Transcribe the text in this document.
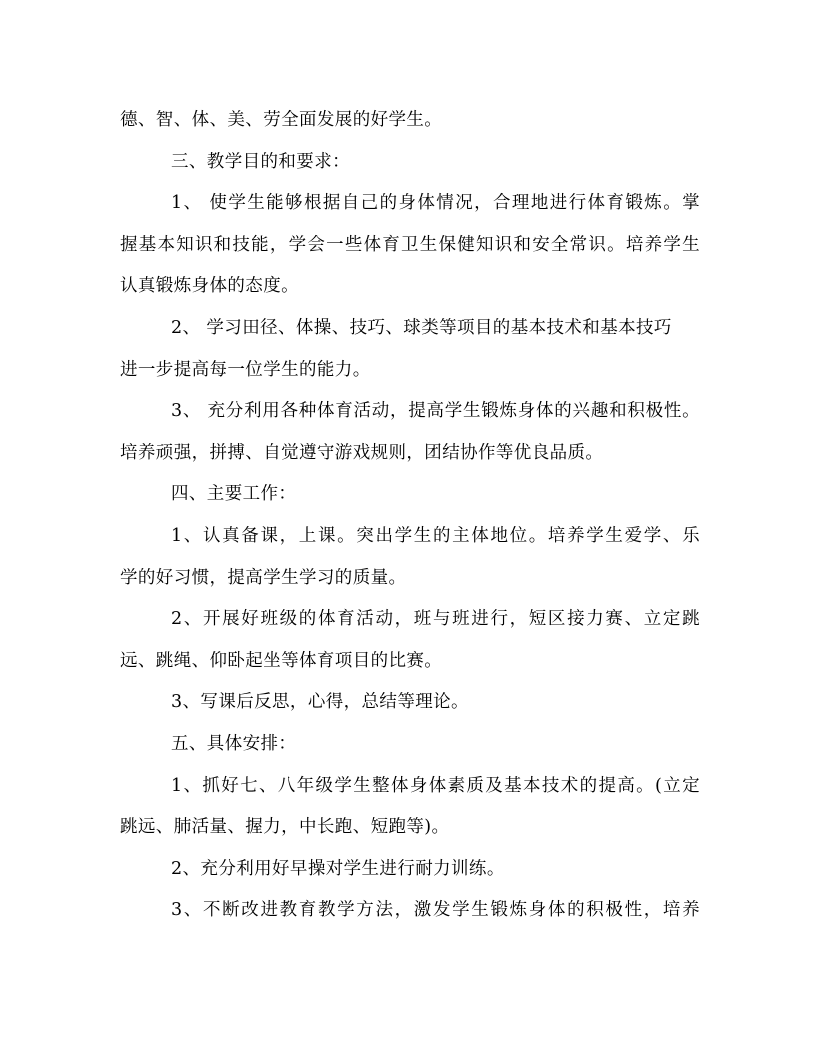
德、智、体、美、劳全面发展的好学生。
三、教学目的和要求：
1、 使学生能够根据自己的身体情况，合理地进行体育锻炼。掌
握基本知识和技能，学会一些体育卫生保健知识和安全常识。培养学生
认真锻炼身体的态度。
2、 学习田径、体操、技巧、球类等项目的基本技术和基本技巧
进一步提高每一位学生的能力。
3、 充分利用各种体育活动，提高学生锻炼身体的兴趣和积极性。
培养顽强，拼搏、自觉遵守游戏规则，团结协作等优良品质。
四、主要工作：
1、认真备课，上课。突出学生的主体地位。培养学生爱学、乐
学的好习惯，提高学生学习的质量。
2、开展好班级的体育活动，班与班进行，短区接力赛、立定跳
远、跳绳、仰卧起坐等体育项目的比赛。
3、写课后反思，心得，总结等理论。
五、具体安排：
1、抓好七、八年级学生整体身体素质及基本技术的提高。(立定
跳远、肺活量、握力，中长跑、短跑等)。
2、充分利用好早操对学生进行耐力训练。
3、不断改进教育教学方法，激发学生锻炼身体的积极性，培养
